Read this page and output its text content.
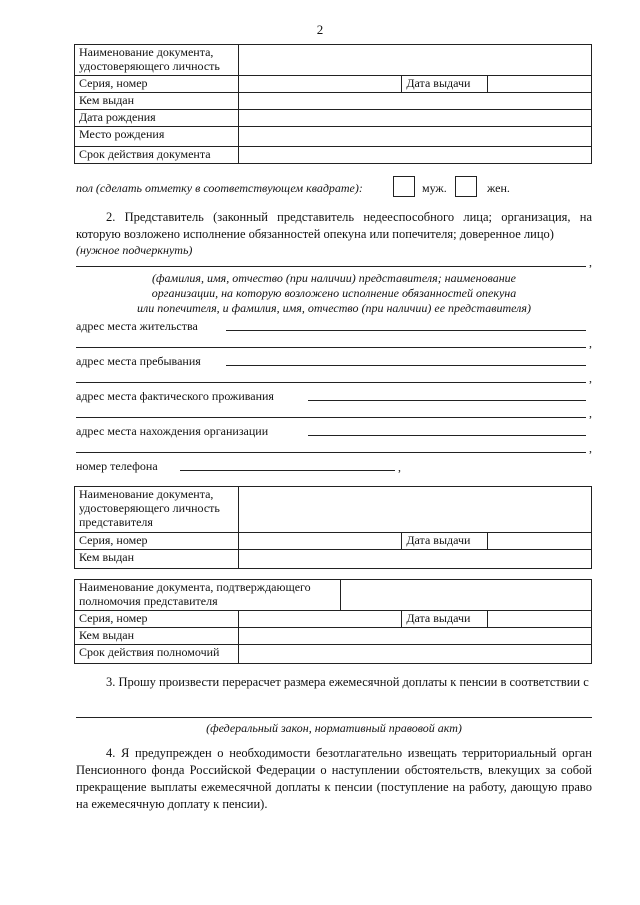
2
Наименование документа, удостоверяющего личность			
Серия, номер		Дата выдачи	
Кем выдан			
Дата рождения			
Место рождения			
Срок действия документа			
пол (сделать отметку в соответствующем квадрате):	муж.	жен.
2. Представитель (законный представитель недееспособного лица; организация, на которую возложено исполнение обязанностей опекуна или попечителя; доверенное лицо)
(нужное подчеркнуть)
,
(фамилия, имя, отчество (при наличии) представителя; наименование
организации, на которую возложено исполнение обязанностей опекуна
или попечителя, и фамилия, имя, отчество (при наличии) ее представителя)
адрес места жительства
,
адрес места пребывания
,
адрес места фактического проживания
,
адрес места нахождения организации
,
номер телефона	,
Наименование документа, удостоверяющего личность представителя			
Серия, номер		Дата выдачи	
Кем выдан			
Наименование документа, подтверждающего полномочия представителя				
Серия, номер			Дата выдачи	
Кем выдан				
Срок действия полномочий				
3. Прошу произвести перерасчет размера ежемесячной доплаты к пенсии в соответствии с
(федеральный закон, нормативный правовой акт)
4. Я предупрежден о необходимости безотлагательно извещать территориальный орган Пенсионного фонда Российской Федерации о наступлении обстоятельств, влекущих за собой прекращение выплаты ежемесячной доплаты к пенсии (поступление на работу, дающую право на ежемесячную доплату к пенсии).
